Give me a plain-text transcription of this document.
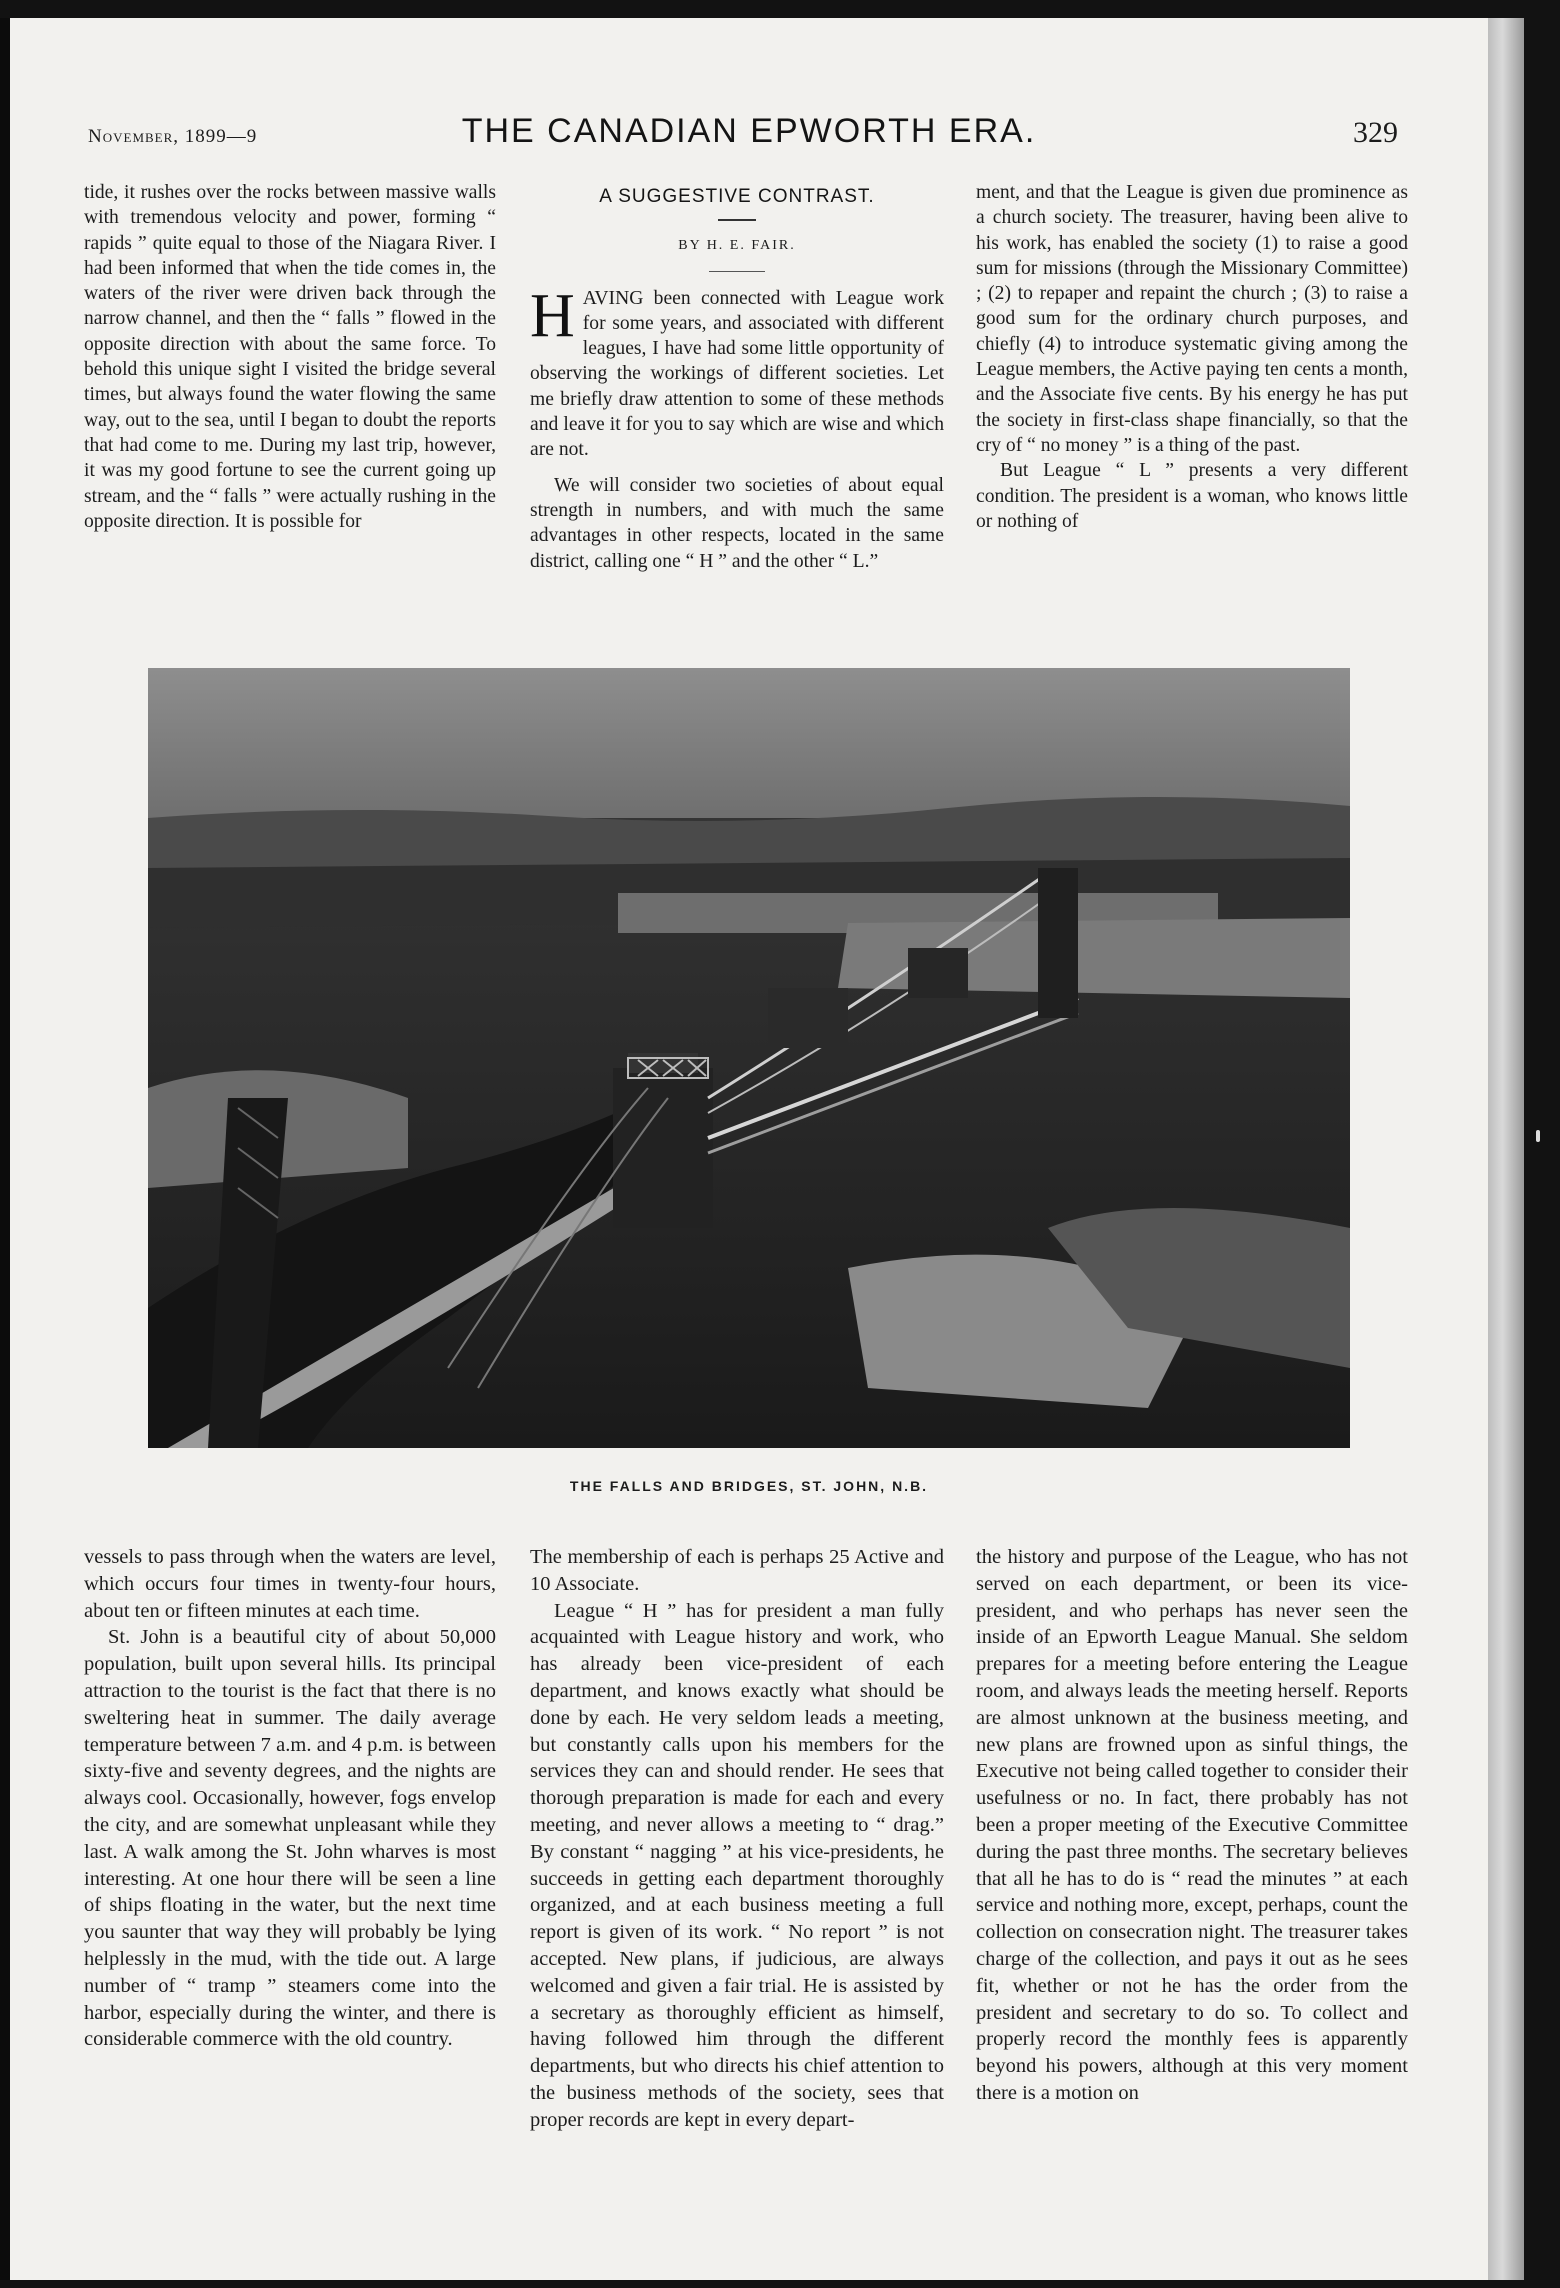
November, 1899—9	THE CANADIAN EPWORTH ERA.	329

tide, it rushes over the rocks between massive walls with tremendous velocity and power, forming “ rapids ” quite equal to those of the Niagara River. I had been informed that when the tide comes in, the waters of the river were driven back through the narrow channel, and then the “ falls ” flowed in the opposite direction with about the same force. To behold this unique sight I visited the bridge several times, but always found the water flowing the same way, out to the sea, until I began to doubt the reports that had come to me. During my last trip, however, it was my good fortune to see the current going up stream, and the “ falls ” were actually rushing in the opposite direction. It is possible for

A SUGGESTIVE CONTRAST.
BY H. E. FAIR.

HAVING been connected with League work for some years, and associated with different leagues, I have had some little opportunity of observing the workings of different societies. Let me briefly draw attention to some of these methods and leave it for you to say which are wise and which are not.

We will consider two societies of about equal strength in numbers, and with much the same advantages in other respects, located in the same district, calling one “ H ” and the other “ L.”

ment, and that the League is given due prominence as a church society. The treasurer, having been alive to his work, has enabled the society (1) to raise a good sum for missions (through the Missionary Committee) ; (2) to repaper and repaint the church ; (3) to raise a good sum for the ordinary church purposes, and chiefly (4) to introduce systematic giving among the League members, the Active paying ten cents a month, and the Associate five cents. By his energy he has put the society in first-class shape financially, so that the cry of “ no money ” is a thing of the past.

But League “ L ” presents a very different condition. The president is a woman, who knows little or nothing of

THE FALLS AND BRIDGES, ST. JOHN, N.B.

vessels to pass through when the waters are level, which occurs four times in twenty-four hours, about ten or fifteen minutes at each time.

St. John is a beautiful city of about 50,000 population, built upon several hills. Its principal attraction to the tourist is the fact that there is no sweltering heat in summer. The daily average temperature between 7 a.m. and 4 p.m. is between sixty-five and seventy degrees, and the nights are always cool. Occasionally, however, fogs envelop the city, and are somewhat unpleasant while they last. A walk among the St. John wharves is most interesting. At one hour there will be seen a line of ships floating in the water, but the next time you saunter that way they will probably be lying helplessly in the mud, with the tide out. A large number of “ tramp ” steamers come into the harbor, especially during the winter, and there is considerable commerce with the old country.

The membership of each is perhaps 25 Active and 10 Associate.

League “ H ” has for president a man fully acquainted with League history and work, who has already been vice-president of each department, and knows exactly what should be done by each. He very seldom leads a meeting, but constantly calls upon his members for the services they can and should render. He sees that thorough preparation is made for each and every meeting, and never allows a meeting to “ drag.” By constant “ nagging ” at his vice-presidents, he succeeds in getting each department thoroughly organized, and at each business meeting a full report is given of its work. “ No report ” is not accepted. New plans, if judicious, are always welcomed and given a fair trial. He is assisted by a secretary as thoroughly efficient as himself, having followed him through the different departments, but who directs his chief attention to the business methods of the society, sees that proper records are kept in every depart-

the history and purpose of the League, who has not served on each department, or been its vice-president, and who perhaps has never seen the inside of an Epworth League Manual. She seldom prepares for a meeting before entering the League room, and always leads the meeting herself. Reports are almost unknown at the business meeting, and new plans are frowned upon as sinful things, the Executive not being called together to consider their usefulness or no. In fact, there probably has not been a proper meeting of the Executive Committee during the past three months. The secretary believes that all he has to do is “ read the minutes ” at each service and nothing more, except, perhaps, count the collection on consecration night. The treasurer takes charge of the collection, and pays it out as he sees fit, whether or not he has the order from the president and secretary to do so. To collect and properly record the monthly fees is apparently beyond his powers, although at this very moment there is a motion on
